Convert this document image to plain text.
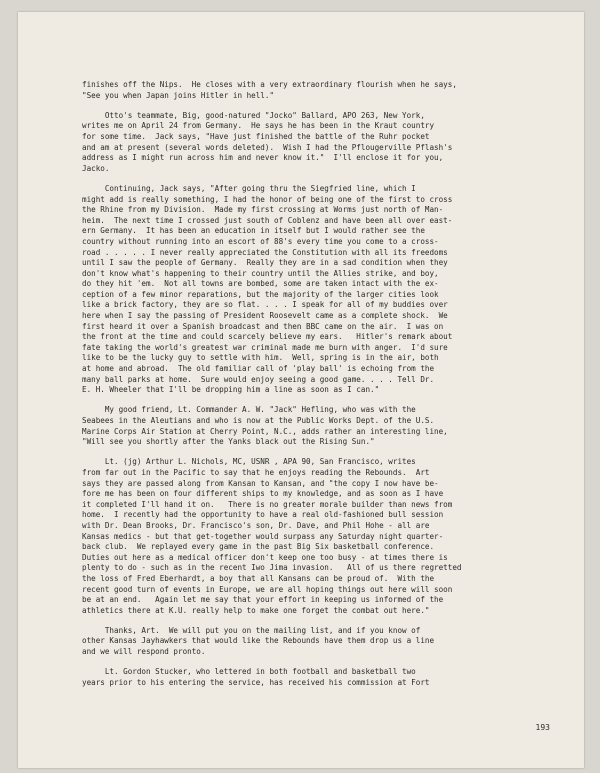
finishes off the Nips.  He closes with a very extraordinary flourish when he says,
"See you when Japan joins Hitler in hell."

Otto's teammate, Big, good-natured "Jocko" Ballard, APO 263, New York,
writes me on April 24 from Germany.  He says he has been in the Kraut country
for some time.  Jack says, "Have just finished the battle of the Ruhr pocket
and am at present (several words deleted).  Wish I had the Pflougerville Pflash's
address as I might run across him and never know it."  I'll enclose it for you,
Jacko.

Continuing, Jack says, "After going thru the Siegfried line, which I
might add is really something, I had the honor of being one of the first to cross
the Rhine from my Division.  Made my first crossing at Worms just north of Man-
heim.  The next time I crossed just south of Coblenz and have been all over east-
ern Germany.  It has been an education in itself but I would rather see the
country without running into an escort of 88's every time you come to a cross-
road . . . . . I never really appreciated the Constitution with all its freedoms
until I saw the people of Germany.  Really they are in a sad condition when they
don't know what's happening to their country until the Allies strike, and boy,
do they hit 'em.  Not all towns are bombed, some are taken intact with the ex-
ception of a few minor reparations, but the majority of the larger cities look
like a brick factory, they are so flat. . . . I speak for all of my buddies over
here when I say the passing of President Roosevelt came as a complete shock.  We
first heard it over a Spanish broadcast and then BBC came on the air.  I was on
the front at the time and could scarcely believe my ears.   Hitler's remark about
fate taking the world's greatest war criminal made me burn with anger.  I'd sure
like to be the lucky guy to settle with him.  Well, spring is in the air, both
at home and abroad.  The old familiar call of 'play ball' is echoing from the
many ball parks at home.  Sure would enjoy seeing a good game. . . . Tell Dr.
E. H. Wheeler that I'll be dropping him a line as soon as I can."

My good friend, Lt. Commander A. W. "Jack" Hefling, who was with the
Seabees in the Aleutians and who is now at the Public Works Dept. of the U.S.
Marine Corps Air Station at Cherry Point, N.C., adds rather an interesting line,
"Will see you shortly after the Yanks black out the Rising Sun."

Lt. (jg) Arthur L. Nichols, MC, USNR , APA 90, San Francisco, writes
from far out in the Pacific to say that he enjoys reading the Rebounds.  Art
says they are passed along from Kansan to Kansan, and "the copy I now have be-
fore me has been on four different ships to my knowledge, and as soon as I have
it completed I'll hand it on.   There is no greater morale builder than news from
home.  I recently had the opportunity to have a real old-fashioned bull session
with Dr. Dean Brooks, Dr. Francisco's son, Dr. Dave, and Phil Hohe - all are
Kansas medics - but that get-together would surpass any Saturday night quarter-
back club.  We replayed every game in the past Big Six basketball conference.
Duties out here as a medical officer don't keep one too busy - at times there is
plenty to do - such as in the recent Iwo Jima invasion.   All of us there regretted
the loss of Fred Eberhardt, a boy that all Kansans can be proud of.  With the
recent good turn of events in Europe, we are all hoping things out here will soon
be at an end.   Again let me say that your effort in keeping us informed of the
athletics there at K.U. really help to make one forget the combat out here."

Thanks, Art.  We will put you on the mailing list, and if you know of
other Kansas Jayhawkers that would like the Rebounds have them drop us a line
and we will respond pronto.

Lt. Gordon Stucker, who lettered in both football and basketball two
years prior to his entering the service, has received his commission at Fort

193
